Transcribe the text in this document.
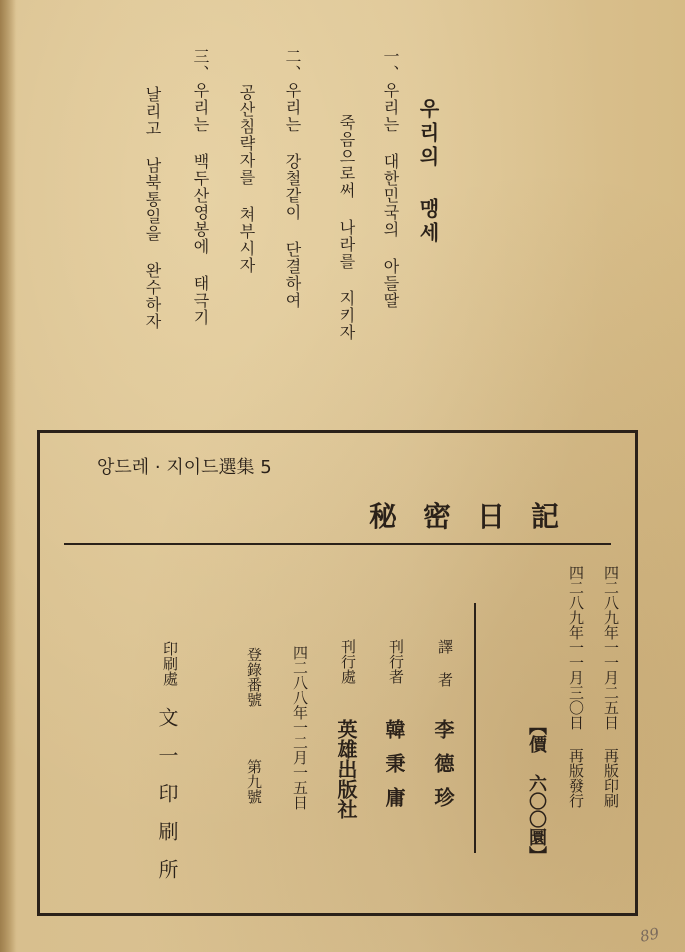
우리의 맹세
一、우리는 대한민국의 아들딸
죽음으로써 나라를 지키자
二、우리는 강철같이 단결하여
공산침략자를 쳐부시자
三、우리는 백두산영봉에 태극기
날리고 남북통일을 완수하자
앙드레 · 지이드選集 5
秘密日記
四二八九年一一月二五日 再版印刷
四二八九年一一月三〇日 再版發行
【價 六〇〇圜】
譯 者
李德珍
刊行者
韓秉庸
刊行處
英雄出版社
四二八八年一二月一五日
登錄番號
第九號
印刷處
文一印刷所
89
